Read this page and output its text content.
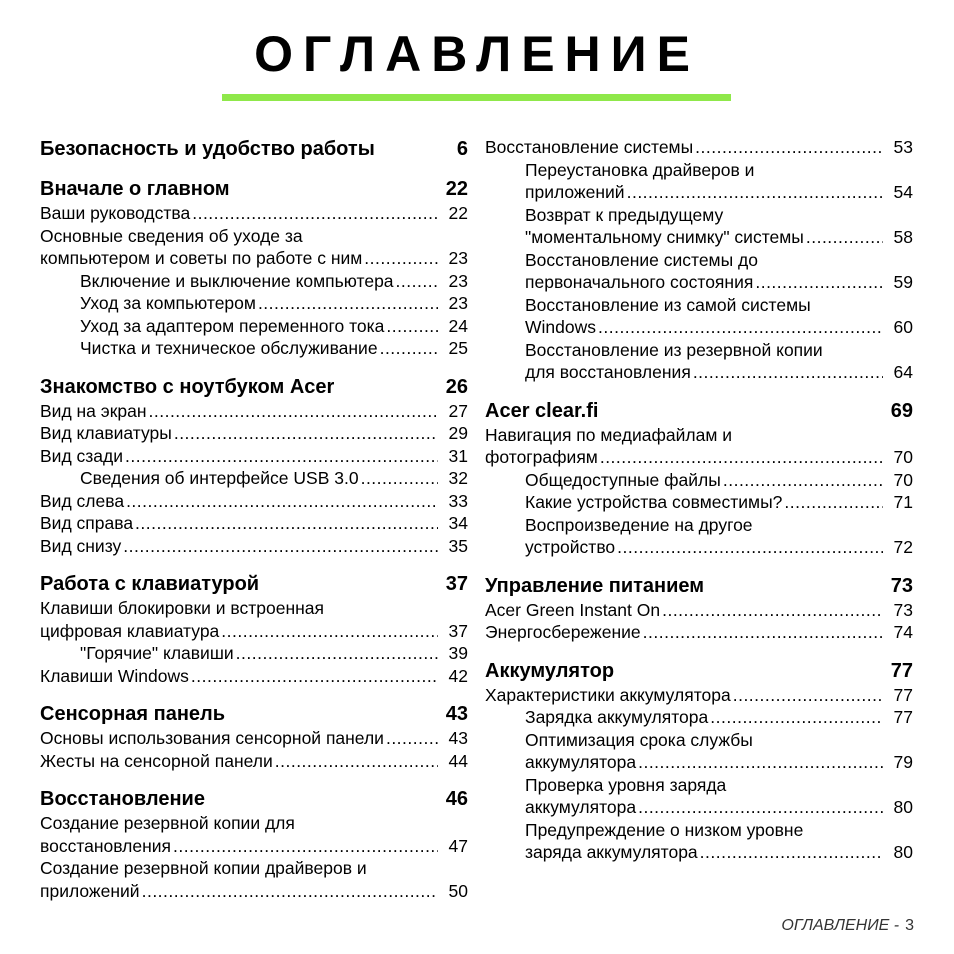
ОГЛАВЛЕНИЕ
Безопасность и удобство работы	6
Вначале о главном	22
Ваши руководства .....	22
Основные сведения об уходе за
компьютером и советы по работе с ним .....	23
Включение и выключение компьютера .....	23
Уход за компьютером .....	23
Уход за адаптером переменного тока .....	24
Чистка и техническое обслуживание .....	25
Знакомство с ноутбуком Acer	26
Вид на экран .....	27
Вид клавиатуры .....	29
Вид сзади .....	31
Сведения об интерфейсе USB 3.0 .....	32
Вид слева .....	33
Вид справа .....	34
Вид снизу .....	35
Работа с клавиатурой	37
Клавиши блокировки и встроенная
цифровая клавиатура .....	37
"Горячие" клавиши .....	39
Клавиши Windows .....	42
Сенсорная панель	43
Основы использования сенсорной панели .....	43
Жесты на сенсорной панели .....	44
Восстановление	46
Создание резервной копии для
восстановления .....	47
Создание резервной копии драйверов и
приложений .....	50
Восстановление системы .....	53
Переустановка драйверов и
приложений .....	54
Возврат к предыдущему
"моментальному снимку" системы .....	58
Восстановление системы до
первоначального состояния .....	59
Восстановление из самой системы
Windows .....	60
Восстановление из резервной копии
для восстановления .....	64
Acer clear.fi	69
Навигация по медиафайлам и
фотографиям .....	70
Общедоступные файлы .....	70
Какие устройства совместимы? .....	71
Воспроизведение на другое
устройство .....	72
Управление питанием	73
Acer Green Instant On .....	73
Энергосбережение .....	74
Аккумулятор	77
Характеристики аккумулятора .....	77
Зарядка аккумулятора .....	77
Оптимизация срока службы
аккумулятора .....	79
Проверка уровня заряда
аккумулятора .....	80
Предупреждение о низком уровне
заряда аккумулятора .....	80
ОГЛАВЛЕНИЕ - 3
